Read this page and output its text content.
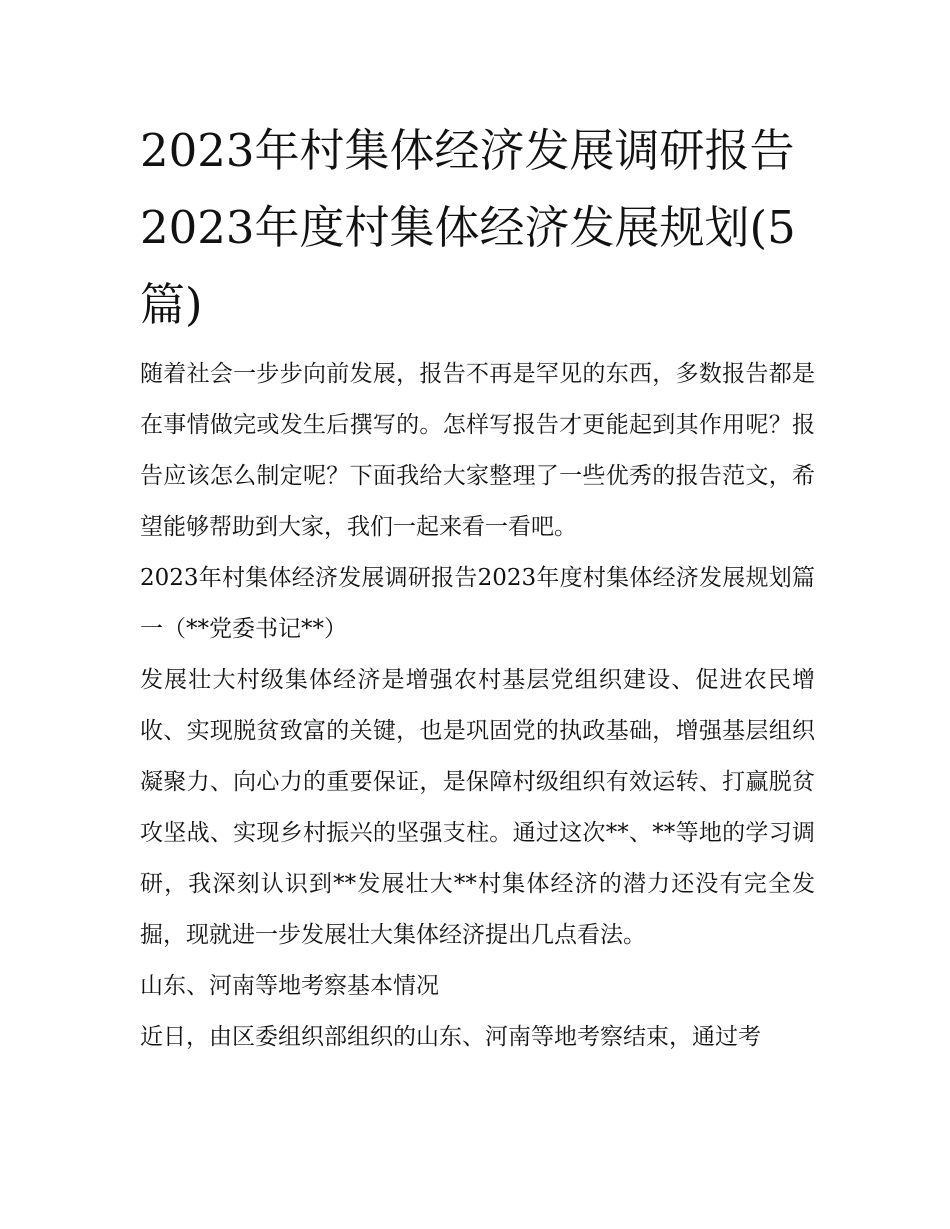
2023年村集体经济发展调研报告2023年度村集体经济发展规划(5篇)

随着社会一步步向前发展，报告不再是罕见的东西，多数报告都是在事情做完或发生后撰写的。怎样写报告才更能起到其作用呢？报告应该怎么制定呢？下面我给大家整理了一些优秀的报告范文，希望能够帮助到大家，我们一起来看一看吧。

2023年村集体经济发展调研报告2023年度村集体经济发展规划篇一（**党委书记**）

发展壮大村级集体经济是增强农村基层党组织建设、促进农民增收、实现脱贫致富的关键，也是巩固党的执政基础，增强基层组织凝聚力、向心力的重要保证，是保障村级组织有效运转、打赢脱贫攻坚战、实现乡村振兴的坚强支柱。通过这次**、**等地的学习调研，我深刻认识到**发展壮大**村集体经济的潜力还没有完全发掘，现就进一步发展壮大集体经济提出几点看法。

山东、河南等地考察基本情况

近日，由区委组织部组织的山东、河南等地考察结束，通过考
